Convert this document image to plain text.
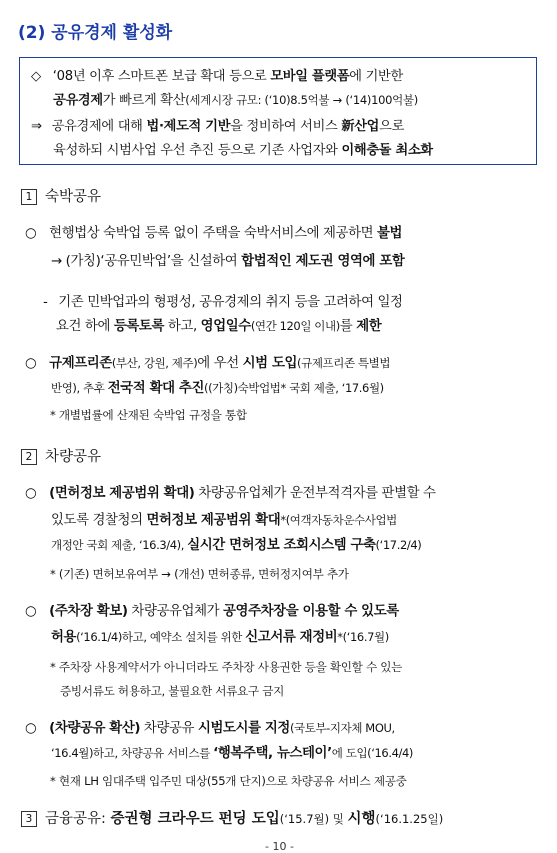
(2) 공유경제 활성화
◇ ‘08년 이후 스마트폰 보급 확대 등으로 모바일 플랫폼에 기반한
공유경제가 빠르게 확산(세계시장 규모: (‘10)8.5억불 → (‘14)100억불)
⇒ 공유경제에 대해 법·제도적 기반을 정비하여 서비스 新산업으로
육성하되 시범사업 우선 추진 등으로 기존 사업자와 이해충돌 최소화
1 숙박공유
○ 현행법상 숙박업 등록 없이 주택을 숙박서비스에 제공하면 불법
→ (가칭)‘공유민박업’을 신설하여 합법적인 제도권 영역에 포함
- 기존 민박업과의 형평성, 공유경제의 취지 등을 고려하여 일정
요건 하에 등록토록 하고, 영업일수(연간 120일 이내)를 제한
○ 규제프리존(부산, 강원, 제주)에 우선 시범 도입(규제프리존 특별법
반영), 추후 전국적 확대 추진((가칭)숙박업법* 국회 제출, ‘17.6월)
* 개별법률에 산재된 숙박업 규정을 통합
2 차량공유
○ (면허정보 제공범위 확대) 차량공유업체가 운전부적격자를 판별할 수
있도록 경찰청의 면허정보 제공범위 확대*(여객자동차운수사업법
개정안 국회 제출, ‘16.3/4), 실시간 면허정보 조회시스템 구축(‘17.2/4)
* (기존) 면허보유여부 → (개선) 면허종류, 면허정지여부 추가
○ (주차장 확보) 차량공유업체가 공영주차장을 이용할 수 있도록
허용(‘16.1/4)하고, 예약소 설치를 위한 신고서류 재정비*(‘16.7월)
* 주차장 사용계약서가 아니더라도 주차장 사용권한 등을 확인할 수 있는
증빙서류도 허용하고, 불필요한 서류요구 금지
○ (차량공유 확산) 차량공유 시범도시를 지정(국토부-지자체 MOU,
‘16.4월)하고, 차량공유 서비스를 ‘행복주택, 뉴스테이’에 도입(‘16.4/4)
* 현재 LH 임대주택 입주민 대상(55개 단지)으로 차량공유 서비스 제공중
3 금융공유: 증권형 크라우드 펀딩 도입(‘15.7월) 및 시행(‘16.1.25일)
- 10 -
